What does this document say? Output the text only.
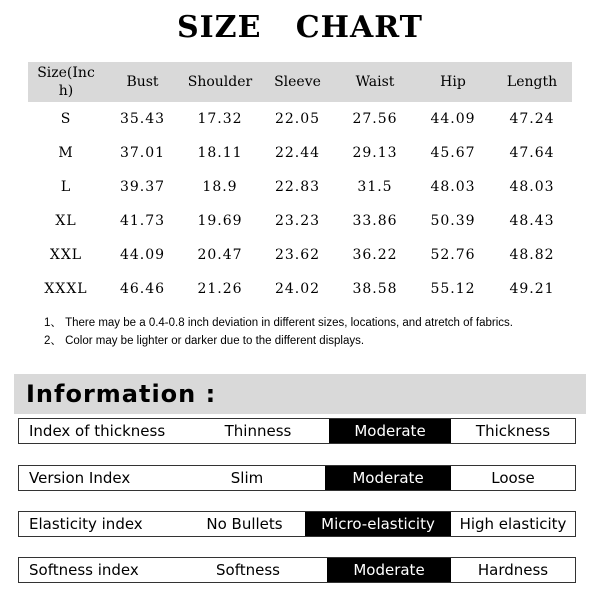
SIZE   CHART
Size(Inch)	Bust	Shoulder	Sleeve	Waist	Hip	Length
S	35.43	17.32	22.05	27.56	44.09	47.24
M	37.01	18.11	22.44	29.13	45.67	47.64
L	39.37	18.9	22.83	31.5	48.03	48.03
XL	41.73	19.69	23.23	33.86	50.39	48.43
XXL	44.09	20.47	23.62	36.22	52.76	48.82
XXXL	46.46	21.26	24.02	38.58	55.12	49.21
1、 There may be a 0.4-0.8 inch deviation in different sizes, locations, and atretch of fabrics.
2、 Color may be lighter or darker due to the different displays.
Information :
Index of thickness	Thinness	Moderate	Thickness
Version Index	Slim	Moderate	Loose
Elasticity index	No Bullets	Micro-elasticity	High elasticity
Softness index	Softness	Moderate	Hardness
